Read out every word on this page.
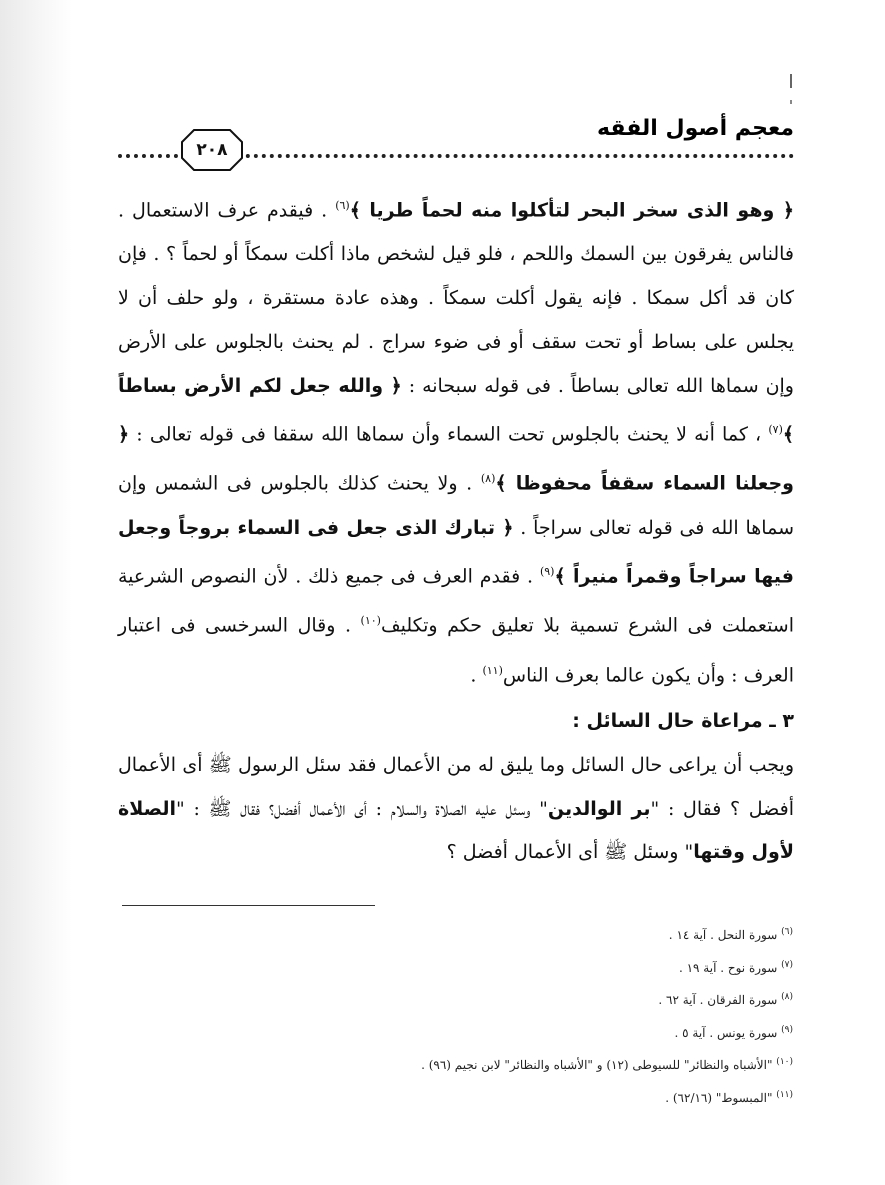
معجم أصول الفقه
٢٠٨

﴿ وهو الذى سخر البحر لتأكلوا منه لحماً طريا ﴾$^{(٦)}$ . فيقدم عرف الاستعمال . فالناس يفرقون بين السمك واللحم ، فلو قيل لشخص ماذا أكلت سمكاً أو لحماً ؟ . فإن كان قد أكل سمكا . فإنه يقول أكلت سمكاً . وهذه عادة مستقرة ، ولو حلف أن لا يجلس على بساط أو تحت سقف أو فى ضوء سراج . لم يحنث بالجلوس على الأرض وإن سماها الله تعالى بساطاً . فى قوله سبحانه : ﴿ والله جعل لكم الأرض بساطاً ﴾$^{(٧)}$ ، كما أنه لا يحنث بالجلوس تحت السماء وأن سماها الله سقفا فى قوله تعالى : ﴿ وجعلنا السماء سقفاً محفوظا ﴾$^{(٨)}$ . ولا يحنث كذلك بالجلوس فى الشمس وإن سماها الله فى قوله تعالى سراجاً . ﴿ تبارك الذى جعل فى السماء بروجاً وجعل فيها سراجاً وقمراً منيراً ﴾$^{(٩)}$ . فقدم العرف فى جميع ذلك . لأن النصوص الشرعية استعملت فى الشرع تسمية بلا تعليق حكم وتكليف$^{(١٠)}$ . وقال السرخسى فى اعتبار العرف : وأن يكون عالما بعرف الناس$^{(١١)}$ .

٣ ـ مراعاة حال السائل :

ويجب أن يراعى حال السائل وما يليق له من الأعمال فقد سئل الرسول ﷺ أى الأعمال أفضل ؟ فقال : "بر الوالدين" وسئل عليه الصلاة والسلام : أى الأعمال أفضل؟ فقال ﷺ : "الصلاة لأول وقتها" وسئل ﷺ أى الأعمال أفضل ؟

$^{(٦)}$ سورة النحل . آية ١٤ .
$^{(٧)}$ سورة نوح . آية ١٩ .
$^{(٨)}$ سورة الفرقان . آية ٦٢ .
$^{(٩)}$ سورة يونس . آية ٥ .
$^{(١٠)}$ "الأشباه والنظائر" للسيوطى (١٢) و "الأشباه والنظائر" لابن نجيم (٩٦) .
$^{(١١)}$ "المبسوط" (٦٢/١٦) .
